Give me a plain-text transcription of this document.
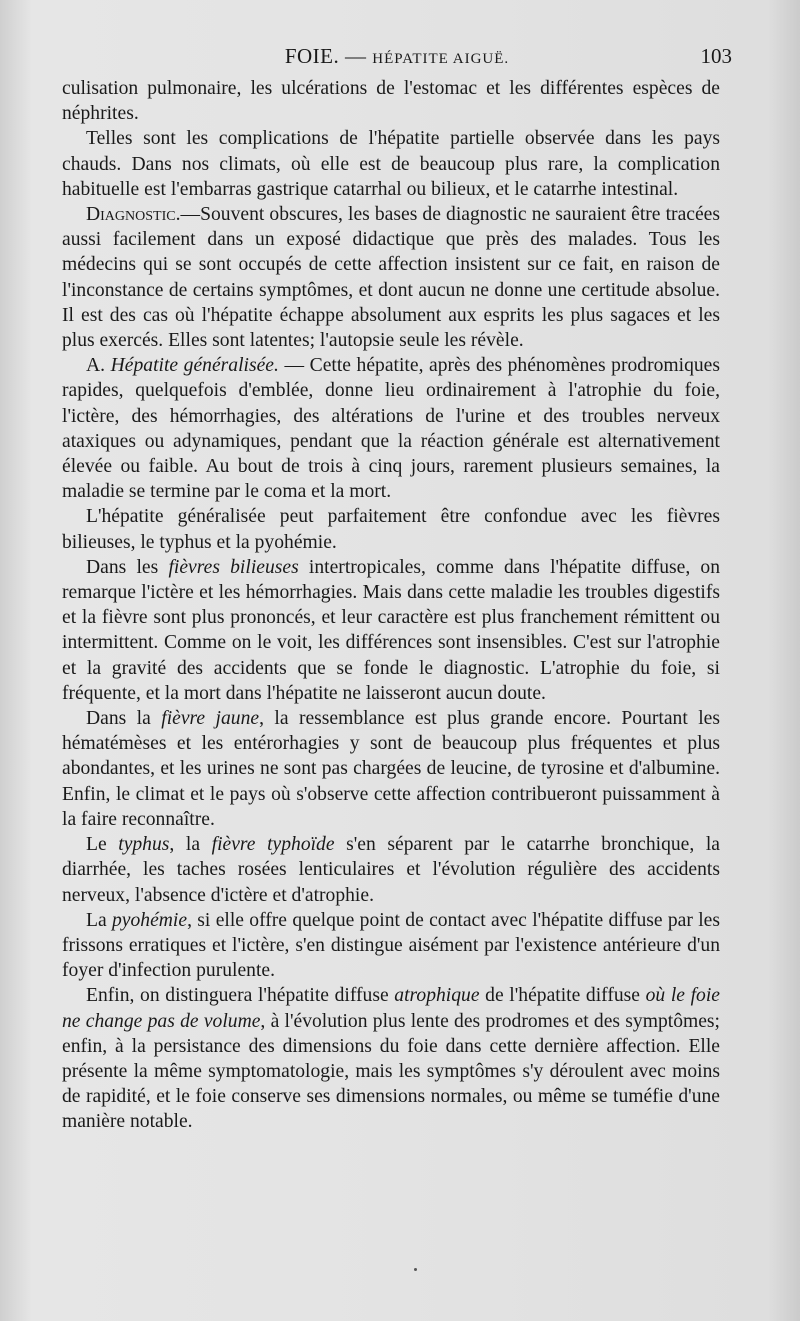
FOIE. — HÉPATITE AIGUË.	103

culisation pulmonaire, les ulcérations de l'estomac et les différentes espèces de néphrites.

Telles sont les complications de l'hépatite partielle observée dans les pays chauds. Dans nos climats, où elle est de beaucoup plus rare, la complication habituelle est l'embarras gastrique catarrhal ou bilieux, et le catarrhe intestinal.

Diagnostic.—Souvent obscures, les bases de diagnostic ne sauraient être tracées aussi facilement dans un exposé didactique que près des malades. Tous les médecins qui se sont occupés de cette affection insistent sur ce fait, en raison de l'inconstance de certains symptômes, et dont aucun ne donne une certitude absolue. Il est des cas où l'hépatite échappe absolument aux esprits les plus sagaces et les plus exercés. Elles sont latentes; l'autopsie seule les révèle.

A. Hépatite généralisée. — Cette hépatite, après des phénomènes prodromiques rapides, quelquefois d'emblée, donne lieu ordinairement à l'atrophie du foie, l'ictère, des hémorrhagies, des altérations de l'urine et des troubles nerveux ataxiques ou adynamiques, pendant que la réaction générale est alternativement élevée ou faible. Au bout de trois à cinq jours, rarement plusieurs semaines, la maladie se termine par le coma et la mort.

L'hépatite généralisée peut parfaitement être confondue avec les fièvres bilieuses, le typhus et la pyohémie.

Dans les fièvres bilieuses intertropicales, comme dans l'hépatite diffuse, on remarque l'ictère et les hémorrhagies. Mais dans cette maladie les troubles digestifs et la fièvre sont plus prononcés, et leur caractère est plus franchement rémittent ou intermittent. Comme on le voit, les différences sont insensibles. C'est sur l'atrophie et la gravité des accidents que se fonde le diagnostic. L'atrophie du foie, si fréquente, et la mort dans l'hépatite ne laisseront aucun doute.

Dans la fièvre jaune, la ressemblance est plus grande encore. Pourtant les hématémèses et les entérorhagies y sont de beaucoup plus fréquentes et plus abondantes, et les urines ne sont pas chargées de leucine, de tyrosine et d'albumine. Enfin, le climat et le pays où s'observe cette affection contribueront puissamment à la faire reconnaître.

Le typhus, la fièvre typhoïde s'en séparent par le catarrhe bronchique, la diarrhée, les taches rosées lenticulaires et l'évolution régulière des accidents nerveux, l'absence d'ictère et d'atrophie.

La pyohémie, si elle offre quelque point de contact avec l'hépatite diffuse par les frissons erratiques et l'ictère, s'en distingue aisément par l'existence antérieure d'un foyer d'infection purulente.

Enfin, on distinguera l'hépatite diffuse atrophique de l'hépatite diffuse où le foie ne change pas de volume, à l'évolution plus lente des prodromes et des symptômes; enfin, à la persistance des dimensions du foie dans cette dernière affection. Elle présente la même symptomatologie, mais les symptômes s'y déroulent avec moins de rapidité, et le foie conserve ses dimensions normales, ou même se tuméfie d'une manière notable.
